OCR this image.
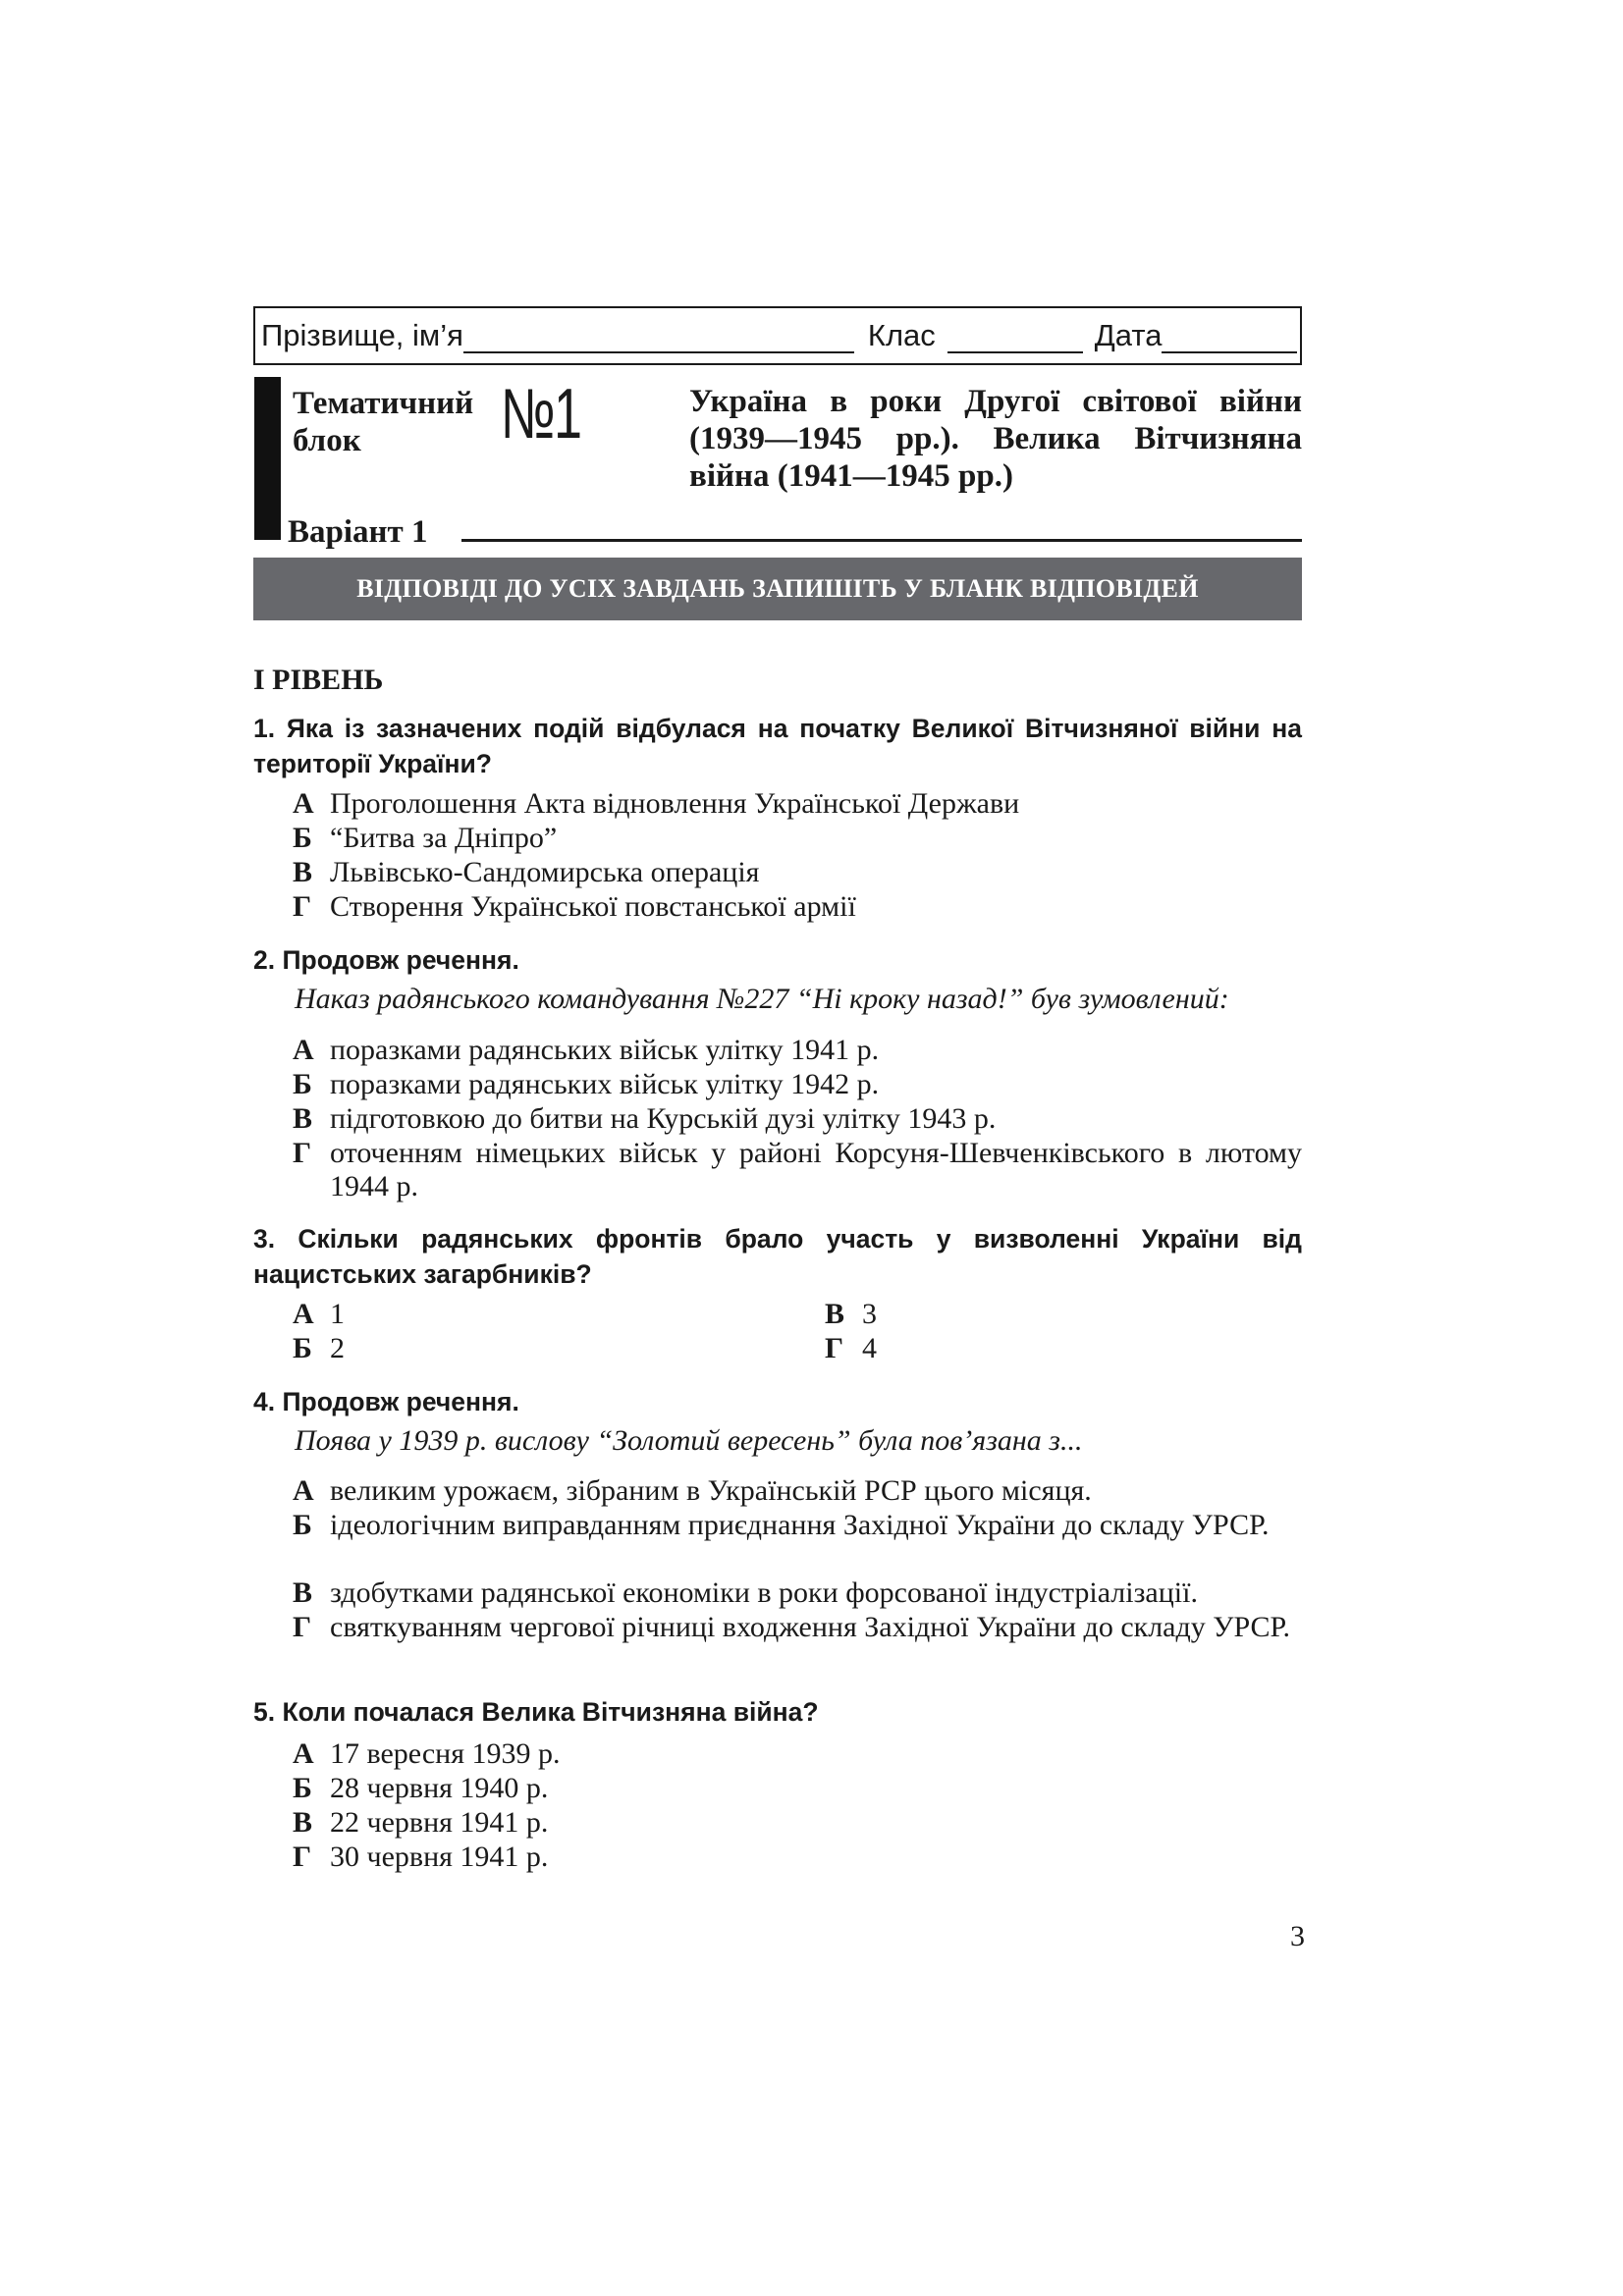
Прізвище, ім’я	Клас	Дата
Тематичний
блок	№1	Україна в роки Другої світової війни (1939—1945 рр.). Велика Вітчизняна війна (1941—1945 рр.)
Варіант 1
ВІДПОВІДІ ДО УСІХ ЗАВДАНЬ ЗАПИШІТЬ У БЛАНК ВІДПОВІДЕЙ
І РІВЕНЬ
1. Яка із зазначених подій відбулася на початку Великої Вітчизняної війни на території України?
А Проголошення Акта відновлення Української Держави
Б “Битва за Дніпро”
В Львівсько-Сандомирська операція
Г Створення Української повстанської армії
2. Продовж речення.
Наказ радянського командування №227 “Ні кроку назад!” був зумовлений:
А поразками радянських військ улітку 1941 р.
Б поразками радянських військ улітку 1942 р.
В підготовкою до битви на Курській дузі улітку 1943 р.
Г оточенням німецьких військ у районі Корсуня-Шевченківського в лютому 1944 р.
3. Скільки радянських фронтів брало участь у визволенні України від нацистських загарбників?
А 1
Б 2
В 3
Г 4
4. Продовж речення.
Поява у 1939 р. вислову “Золотий вересень” була пов’язана з...
А великим урожаєм, зібраним в Українській РСР цього місяця.
Б ідеологічним виправданням приєднання Західної України до складу УРСР.
В здобутками радянської економіки в роки форсованої індустріалізації.
Г святкуванням чергової річниці входження Західної України до складу УРСР.
5. Коли почалася Велика Вітчизняна війна?
А 17 вересня 1939 р.
Б 28 червня 1940 р.
В 22 червня 1941 р.
Г 30 червня 1941 р.
3
